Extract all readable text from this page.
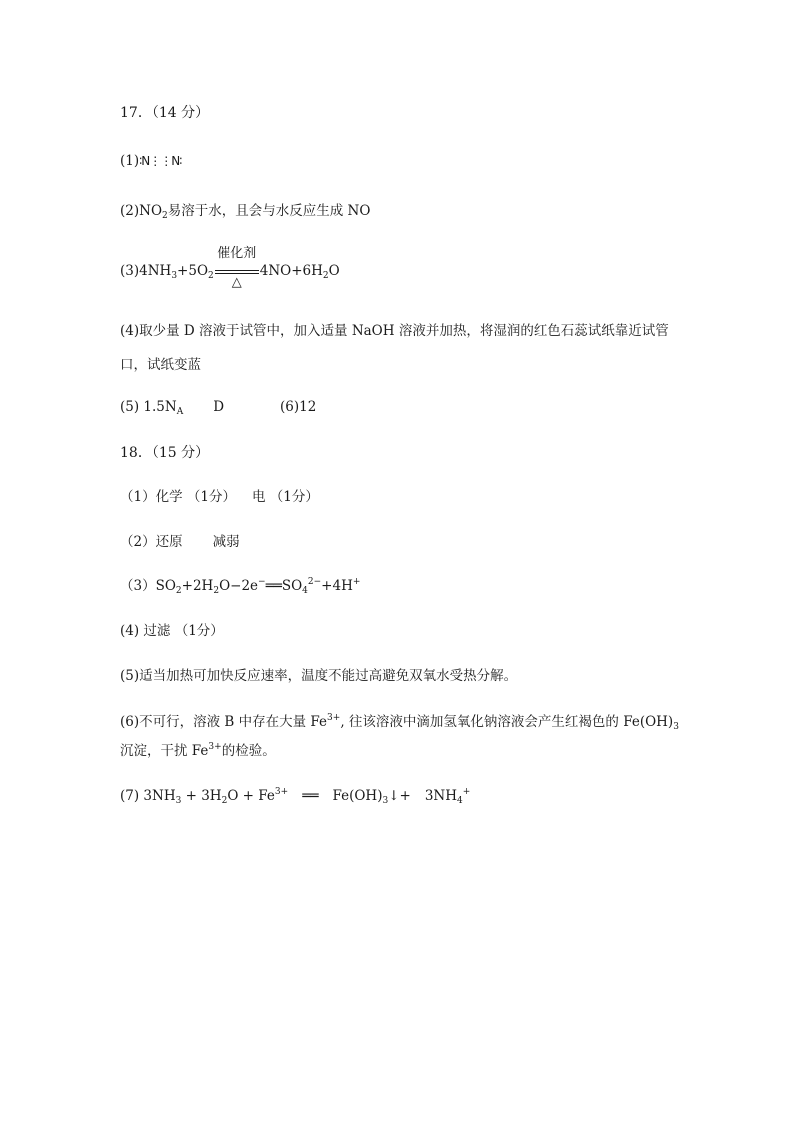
17．（14 分）
(1)∶N⋮⋮N∶
$(2)NO_2$易溶于水，且会与水反应生成 NO
$(3)4NH_3+5O_2 \frac{\text{催化剂}}{\triangle} 4NO+6H_2O$
(4)取少量 D 溶液于试管中，加入适量 NaOH 溶液并加热，将湿润的红色石蕊试纸靠近试管
口，试纸变蓝
(5) $1.5N_A$ D	(6)12
18．（15 分）
（1）化学 （1分） 电 （1分）
（2）还原 减弱
$(3)SO_2+2H_2O-2e^-══SO_4^{2-}+4H^+$
(4) 过滤 （1分）
(5)适当加热可加快反应速率，温度不能过高避免双氧水受热分解。
(6)不可行，溶液 B 中存在大量 $Fe^{3+}$, 往该溶液中滴加氢氧化钠溶液会产生红褐色的 $Fe(OH)_3$
沉淀，干扰 $Fe^{3+}$的检验。
(7) $3NH_3 + 3H_2O + Fe^{3+}$ ══ $Fe(OH)_3↓+ 3NH_4^+$
